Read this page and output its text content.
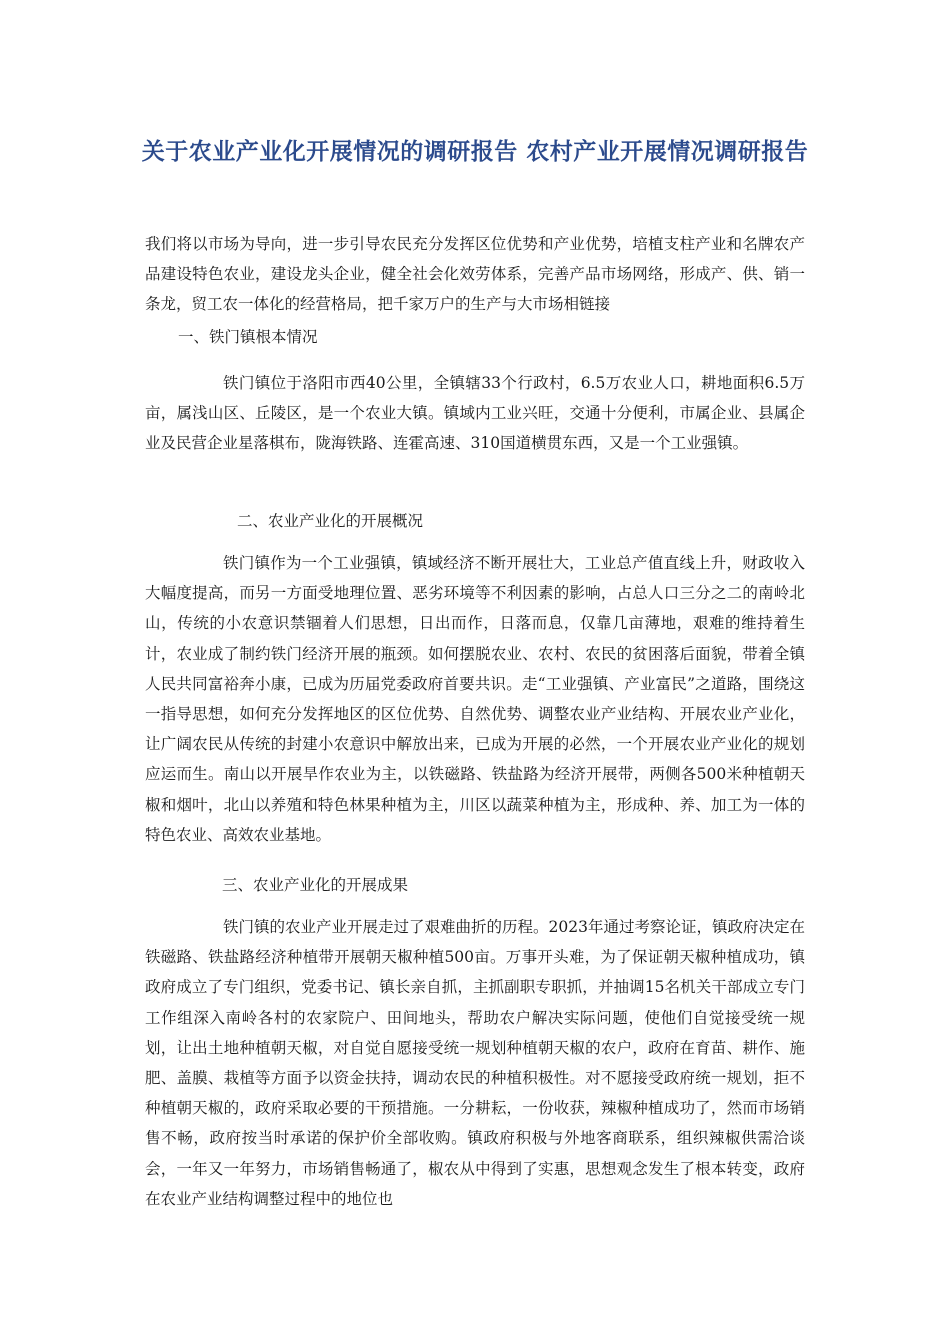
关于农业产业化开展情况的调研报告 农村产业开展情况调研报告

我们将以市场为导向，进一步引导农民充分发挥区位优势和产业优势，培植支柱产业和名牌农产品建设特色农业，建设龙头企业，健全社会化效劳体系，完善产品市场网络，形成产、供、销一条龙，贸工农一体化的经营格局，把千家万户的生产与大市场相链接

一、铁门镇根本情况

铁门镇位于洛阳市西40公里，全镇辖33个行政村，6.5万农业人口，耕地面积6.5万亩，属浅山区、丘陵区，是一个农业大镇。镇域内工业兴旺，交通十分便利，市属企业、县属企业及民营企业星落棋布，陇海铁路、连霍高速、310国道横贯东西，又是一个工业强镇。

二、农业产业化的开展概况

铁门镇作为一个工业强镇，镇域经济不断开展壮大，工业总产值直线上升，财政收入大幅度提高，而另一方面受地理位置、恶劣环境等不利因素的影响，占总人口三分之二的南岭北山，传统的小农意识禁锢着人们思想，日出而作，日落而息，仅靠几亩薄地，艰难的维持着生计，农业成了制约铁门经济开展的瓶颈。如何摆脱农业、农村、农民的贫困落后面貌，带着全镇人民共同富裕奔小康，已成为历届党委政府首要共识。走“工业强镇、产业富民”之道路，围绕这一指导思想，如何充分发挥地区的区位优势、自然优势、调整农业产业结构、开展农业产业化，让广阔农民从传统的封建小农意识中解放出来，已成为开展的必然，一个开展农业产业化的规划应运而生。南山以开展旱作农业为主，以铁磁路、铁盐路为经济开展带，两侧各500米种植朝天椒和烟叶，北山以养殖和特色林果种植为主，川区以蔬菜种植为主，形成种、养、加工为一体的特色农业、高效农业基地。

三、农业产业化的开展成果

铁门镇的农业产业开展走过了艰难曲折的历程。2023年通过考察论证，镇政府决定在铁磁路、铁盐路经济种植带开展朝天椒种植500亩。万事开头难，为了保证朝天椒种植成功，镇政府成立了专门组织，党委书记、镇长亲自抓，主抓副职专职抓，并抽调15名机关干部成立专门工作组深入南岭各村的农家院户、田间地头，帮助农户解决实际问题，使他们自觉接受统一规划，让出土地种植朝天椒，对自觉自愿接受统一规划种植朝天椒的农户，政府在育苗、耕作、施肥、盖膜、栽植等方面予以资金扶持，调动农民的种植积极性。对不愿接受政府统一规划，拒不种植朝天椒的，政府采取必要的干预措施。一分耕耘，一份收获，辣椒种植成功了，然而市场销售不畅，政府按当时承诺的保护价全部收购。镇政府积极与外地客商联系，组织辣椒供需洽谈会，一年又一年努力，市场销售畅通了，椒农从中得到了实惠，思想观念发生了根本转变，政府在农业产业结构调整过程中的地位也
